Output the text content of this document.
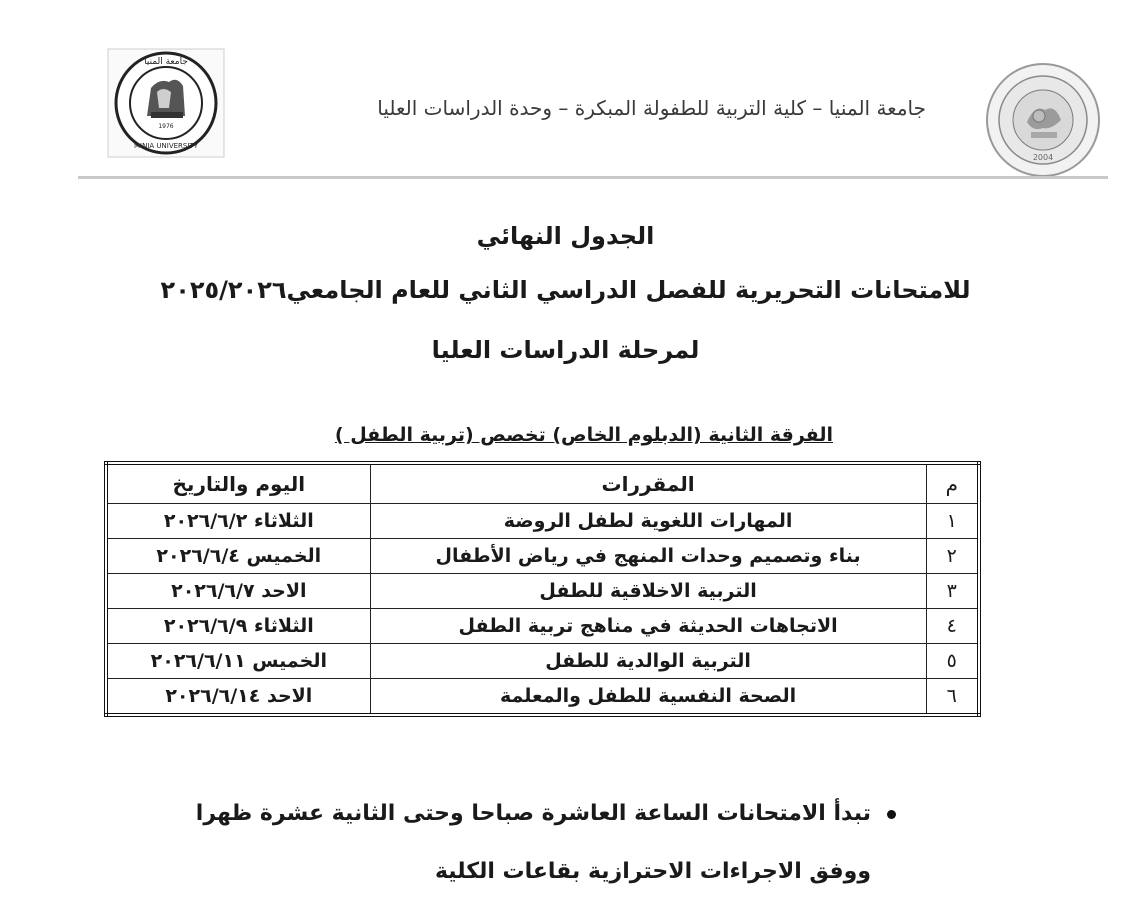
2004
جامعة المنيا – كلية التربية للطفولة المبكرة – وحدة الدراسات العليا
جامعة المنيا
1976
MINIA UNIVERSITY
الجدول النهائي
للامتحانات التحريرية للفصل الدراسي الثاني للعام الجامعي٢٠٢٥/٢٠٢٦
لمرحلة الدراسات العليا
الفرقة الثانية (الدبلوم الخاص) تخصص (تربية الطفل )
م	المقررات	اليوم والتاريخ
١	المهارات اللغوية لطفل الروضة	الثلاثاء ٢٠٢٦/٦/٢
٢	بناء وتصميم وحدات المنهج في رياض الأطفال	الخميس ٢٠٢٦/٦/٤
٣	التربية الاخلاقية للطفل	الاحد ٢٠٢٦/٦/٧
٤	الاتجاهات الحديثة في مناهج تربية الطفل	الثلاثاء ٢٠٢٦/٦/٩
٥	التربية الوالدية للطفل	الخميس ٢٠٢٦/٦/١١
٦	الصحة النفسية للطفل والمعلمة	الاحد ٢٠٢٦/٦/١٤
تبدأ الامتحانات الساعة العاشرة صباحا وحتى الثانية عشرة ظهرا
ووفق الاجراءات الاحترازية بقاعات الكلية
